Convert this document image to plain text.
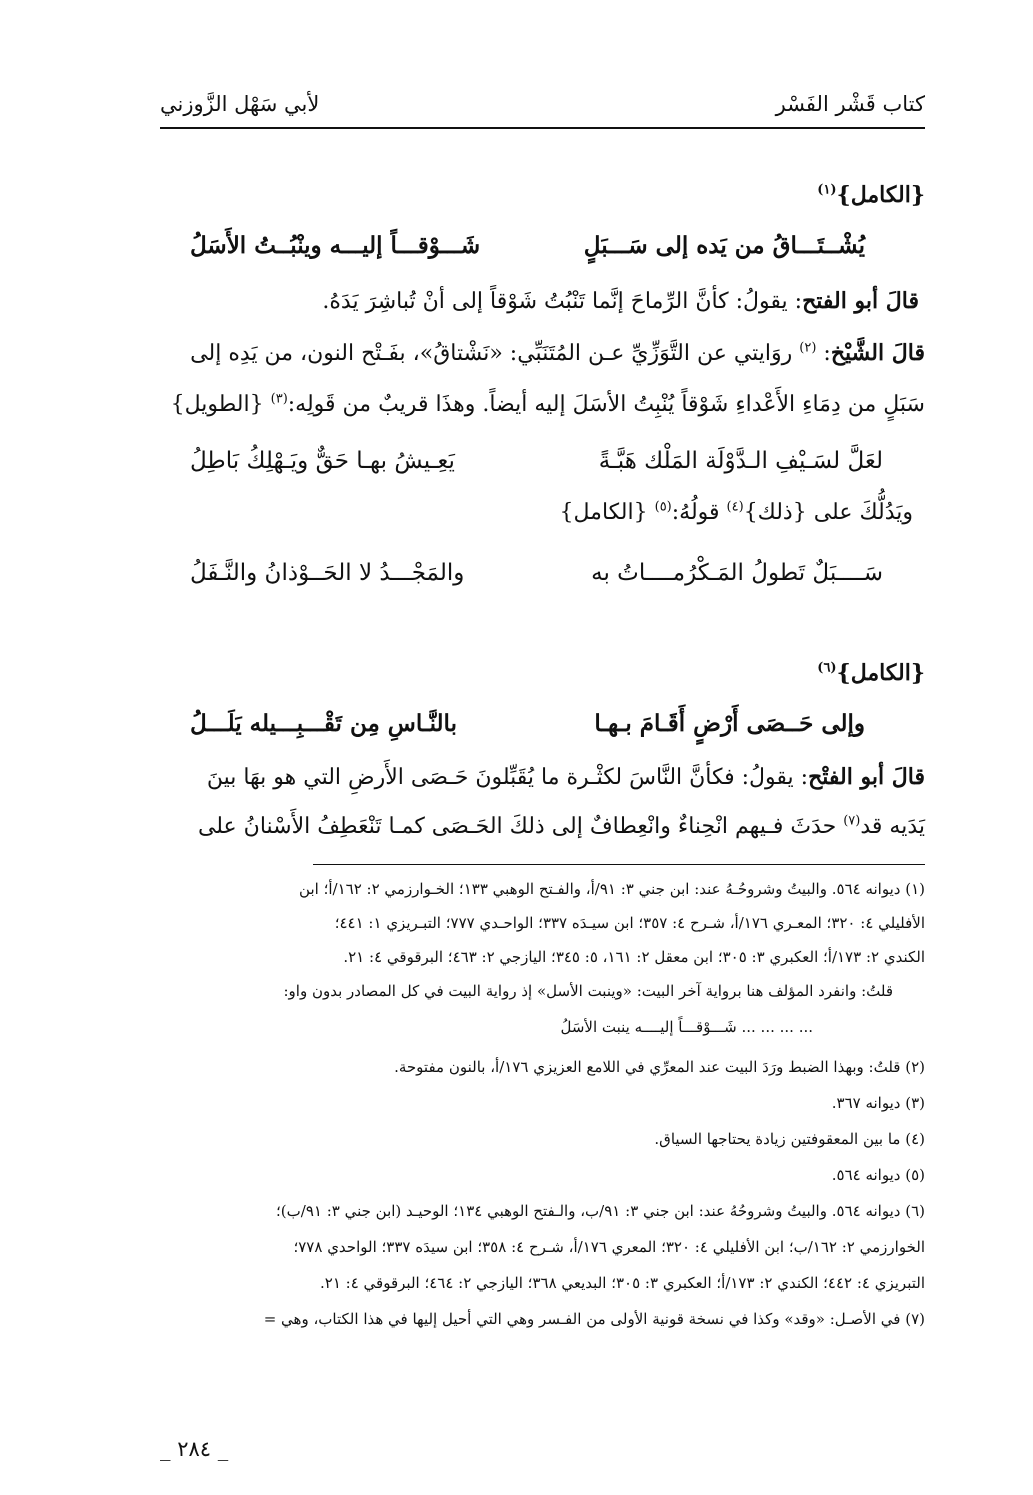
كتاب قَشْر الفَسْر
لأبي سَهْل الزَّوزني
{الكامل}$^{(١)}$
يُشْــتَـــاقُ من يَده إلى سَـــبَلٍ
شَـــوْقـــاً إليـــه وينْبُــتُ الأَسَلُ
قالَ أبو الفتح: يقولُ: كأنَّ الرِّماحَ إنَّما تَنْبُتُ شَوْقاً إلى أنْ تُباشِرَ يَدَهُ.
قالَ الشَّيْخ: $^{(٢)}$ روَايتي عن التَّوَزِّيِّ عـن المُتَنَبِّي: «نَشْتاقُ»، بفَـتْح النون، من يَدِه إلى
سَبَلٍ من دِمَاءِ الأَعْداءِ شَوْقاً يُنْبِتُ الأسَلَ إليه أيضاً. وهذَا قريبٌ من قَولِه:$^{(٣)}$ {الطويل}
لعَلَّ لسَـيْفِ الـدَّوْلَة المَلْك هَبَّـةً
يَعِـيشُ بهـا حَقٌّ ويَـهْلِكُ بَاطِلُ
ويَدُلُّكَ على {ذلك}$^{(٤)}$ قولُهُ:$^{(٥)}$ {الكامل}
سَــــبَلٌ تَطولُ المَـكْرُمــــاتُ به
والمَجْـــدُ لا الحَــوْذانُ والنَّـفَلُ
{الكامل}$^{(٦)}$
وإلى حَــصَى أَرْضٍ أَقَـامَ بـهـا
بالنَّـاسِ مِن تَقْـــبِـــيله يَلَـــلُ
قالَ أبو الفتْح: يقولُ: فكأنَّ النَّاسَ لكثْـرة ما يُقَبِّلونَ حَـصَى الأَرضِ التي هو بهَا بينَ
يَدَيه قد$^{(٧)}$ حدَثَ فـيهم انْحِناءٌ وانْعِطافٌ إلى ذلكَ الحَـصَى كمـا تَنْعَطِفُ الأَسْنانُ على
(١) ديوانه ٥٦٤. والبيتُ وشروحُـهُ عند: ابن جني ٣: ٩١/أ، والفـتح الوهبي ١٣٣؛ الخـوارزمي ٢: ١٦٢/أ؛ ابن
الأفليلي ٤: ٣٢٠؛ المعـري ١٧٦/أ، شـرح ٤: ٣٥٧؛ ابن سيـدَه ٣٣٧؛ الواحـدي ٧٧٧؛ التبـريزي ١: ٤٤١؛
الكندي ٢: ١٧٣/أ؛ العكبري ٣: ٣٠٥؛ ابن معقل ٢: ١٦١، ٥: ٣٤٥؛ اليازجي ٢: ٤٦٣؛ البرقوقي ٤: ٢١.
قلتُ: وانفرد المؤلف هنا برواية آخر البيت: «وينبت الأسل» إذ رواية البيت في كل المصادر بدون واو:
... ... ... ... شَـــوْقـــاً إليــــه ينبت الأسَلُ
(٢) قلتُ: وبهذا الضبط ورَدَ البيت عند المعرِّي في اللامع العزيزي ١٧٦/أ، بالنون مفتوحة.
(٣) ديوانه ٣٦٧.
(٤) ما بين المعقوفتين زيادة يحتاجها السياق.
(٥) ديوانه ٥٦٤.
(٦) ديوانه ٥٦٤. والبيتُ وشروحُهُ عند: ابن جني ٣: ٩١/ب، والـفتح الوهبي ١٣٤؛ الوحيـد (ابن جني ٣: ٩١/ب)؛
الخوارزمي ٢: ١٦٢/ب؛ ابن الأفليلي ٤: ٣٢٠؛ المعري ١٧٦/أ، شـرح ٤: ٣٥٨؛ ابن سيدَه ٣٣٧؛ الواحدي ٧٧٨؛
التبريزي ٤: ٤٤٢؛ الكندي ٢: ١٧٣/أ؛ العكبري ٣: ٣٠٥؛ البديعي ٣٦٨؛ اليازجي ٢: ٤٦٤؛ البرقوقي ٤: ٢١.
(٧) في الأصـل: «وقد» وكذا في نسخة قونية الأولى من الفـسر وهي التي أحيل إليها في هذا الكتاب، وهي =
_ ٢٨٤ _
